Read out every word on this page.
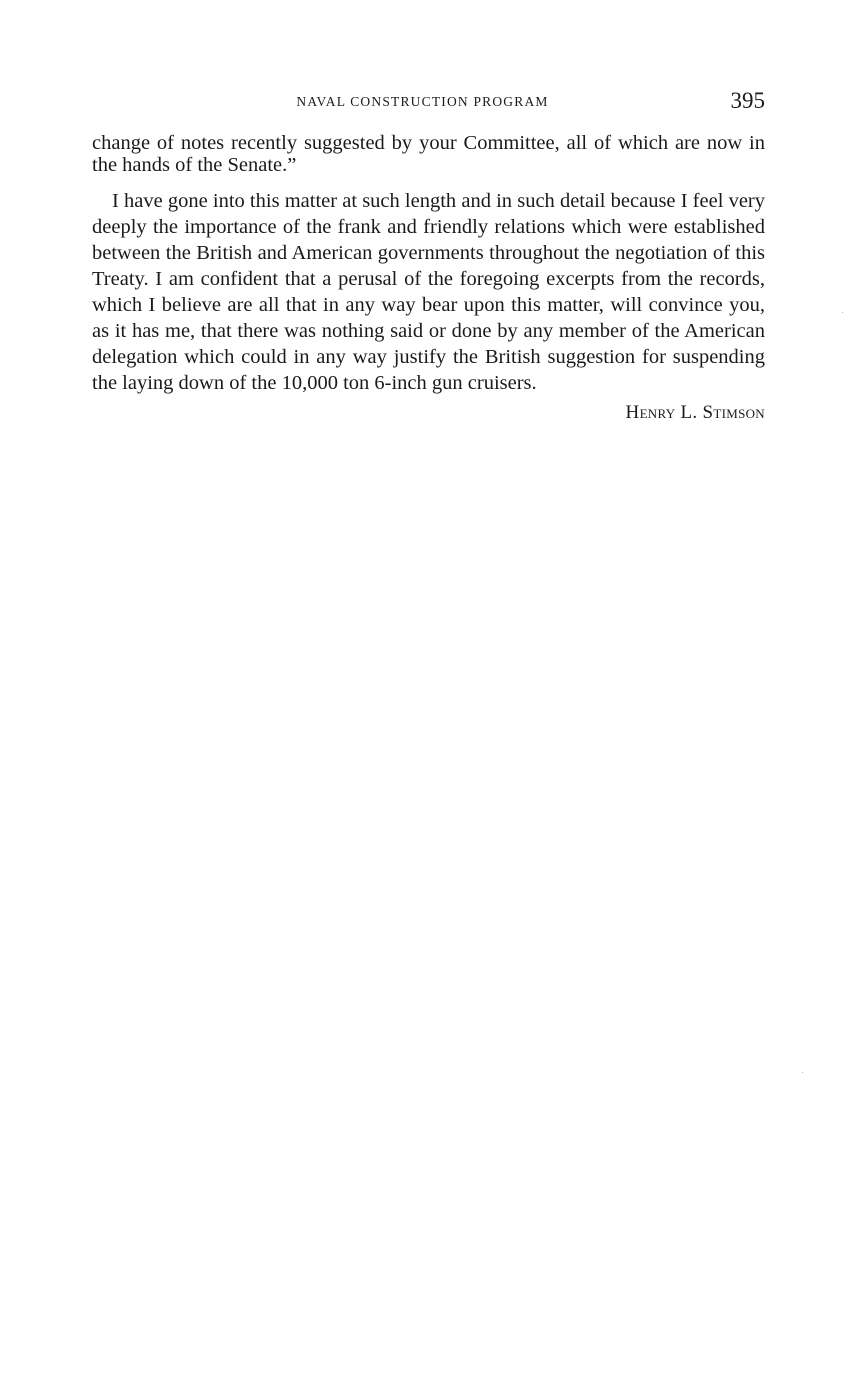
NAVAL CONSTRUCTION PROGRAM	395

change of notes recently suggested by your Committee, all of which are now in the hands of the Senate.”

I have gone into this matter at such length and in such detail because I feel very deeply the importance of the frank and friendly relations which were established between the British and American governments throughout the negotiation of this Treaty. I am confident that a perusal of the foregoing excerpts from the records, which I believe are all that in any way bear upon this matter, will convince you, as it has me, that there was nothing said or done by any member of the American delegation which could in any way justify the British suggestion for suspending the laying down of the 10,000 ton 6-inch gun cruisers.

Henry L. Stimson
